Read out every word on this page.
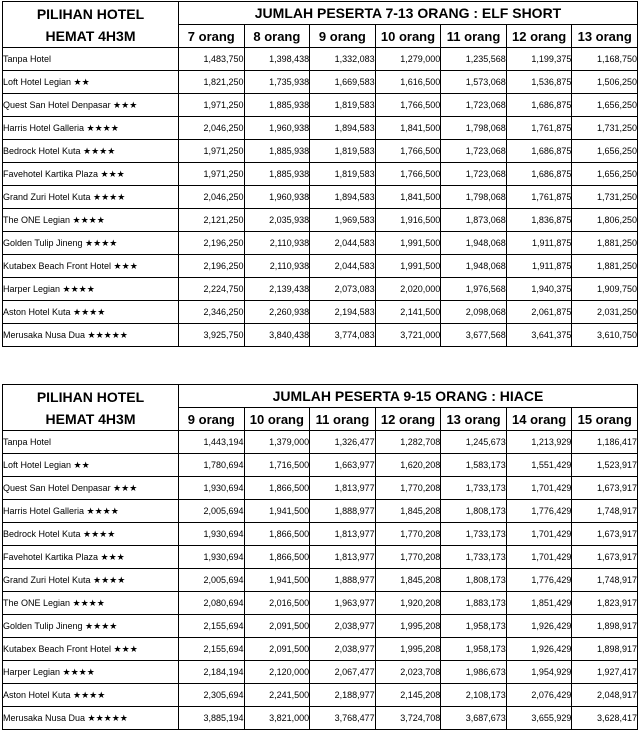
PILIHAN HOTEL
HEMAT 4H3M	JUMLAH PESERTA 7-13 ORANG : ELF SHORT						
	7 orang	8 orang	9 orang	10 orang	11 orang	12 orang	13 orang
Tanpa Hotel	1,483,750	1,398,438	1,332,083	1,279,000	1,235,568	1,199,375	1,168,750
Loft Hotel Legian ★★	1,821,250	1,735,938	1,669,583	1,616,500	1,573,068	1,536,875	1,506,250
Quest San Hotel Denpasar ★★★	1,971,250	1,885,938	1,819,583	1,766,500	1,723,068	1,686,875	1,656,250
Harris Hotel Galleria ★★★★	2,046,250	1,960,938	1,894,583	1,841,500	1,798,068	1,761,875	1,731,250
Bedrock Hotel Kuta ★★★★	1,971,250	1,885,938	1,819,583	1,766,500	1,723,068	1,686,875	1,656,250
Favehotel Kartika Plaza ★★★	1,971,250	1,885,938	1,819,583	1,766,500	1,723,068	1,686,875	1,656,250
Grand Zuri Hotel Kuta ★★★★	2,046,250	1,960,938	1,894,583	1,841,500	1,798,068	1,761,875	1,731,250
The ONE Legian ★★★★	2,121,250	2,035,938	1,969,583	1,916,500	1,873,068	1,836,875	1,806,250
Golden Tulip Jineng ★★★★	2,196,250	2,110,938	2,044,583	1,991,500	1,948,068	1,911,875	1,881,250
Kutabex Beach Front Hotel ★★★	2,196,250	2,110,938	2,044,583	1,991,500	1,948,068	1,911,875	1,881,250
Harper Legian ★★★★	2,224,750	2,139,438	2,073,083	2,020,000	1,976,568	1,940,375	1,909,750
Aston Hotel Kuta ★★★★	2,346,250	2,260,938	2,194,583	2,141,500	2,098,068	2,061,875	2,031,250
Merusaka Nusa Dua ★★★★★	3,925,750	3,840,438	3,774,083	3,721,000	3,677,568	3,641,375	3,610,750
PILIHAN HOTEL
HEMAT 4H3M	JUMLAH PESERTA 9-15 ORANG : HIACE						
	9 orang	10 orang	11 orang	12 orang	13 orang	14 orang	15 orang
Tanpa Hotel	1,443,194	1,379,000	1,326,477	1,282,708	1,245,673	1,213,929	1,186,417
Loft Hotel Legian ★★	1,780,694	1,716,500	1,663,977	1,620,208	1,583,173	1,551,429	1,523,917
Quest San Hotel Denpasar ★★★	1,930,694	1,866,500	1,813,977	1,770,208	1,733,173	1,701,429	1,673,917
Harris Hotel Galleria ★★★★	2,005,694	1,941,500	1,888,977	1,845,208	1,808,173	1,776,429	1,748,917
Bedrock Hotel Kuta ★★★★	1,930,694	1,866,500	1,813,977	1,770,208	1,733,173	1,701,429	1,673,917
Favehotel Kartika Plaza ★★★	1,930,694	1,866,500	1,813,977	1,770,208	1,733,173	1,701,429	1,673,917
Grand Zuri Hotel Kuta ★★★★	2,005,694	1,941,500	1,888,977	1,845,208	1,808,173	1,776,429	1,748,917
The ONE Legian ★★★★	2,080,694	2,016,500	1,963,977	1,920,208	1,883,173	1,851,429	1,823,917
Golden Tulip Jineng ★★★★	2,155,694	2,091,500	2,038,977	1,995,208	1,958,173	1,926,429	1,898,917
Kutabex Beach Front Hotel ★★★	2,155,694	2,091,500	2,038,977	1,995,208	1,958,173	1,926,429	1,898,917
Harper Legian ★★★★	2,184,194	2,120,000	2,067,477	2,023,708	1,986,673	1,954,929	1,927,417
Aston Hotel Kuta ★★★★	2,305,694	2,241,500	2,188,977	2,145,208	2,108,173	2,076,429	2,048,917
Merusaka Nusa Dua ★★★★★	3,885,194	3,821,000	3,768,477	3,724,708	3,687,673	3,655,929	3,628,417
